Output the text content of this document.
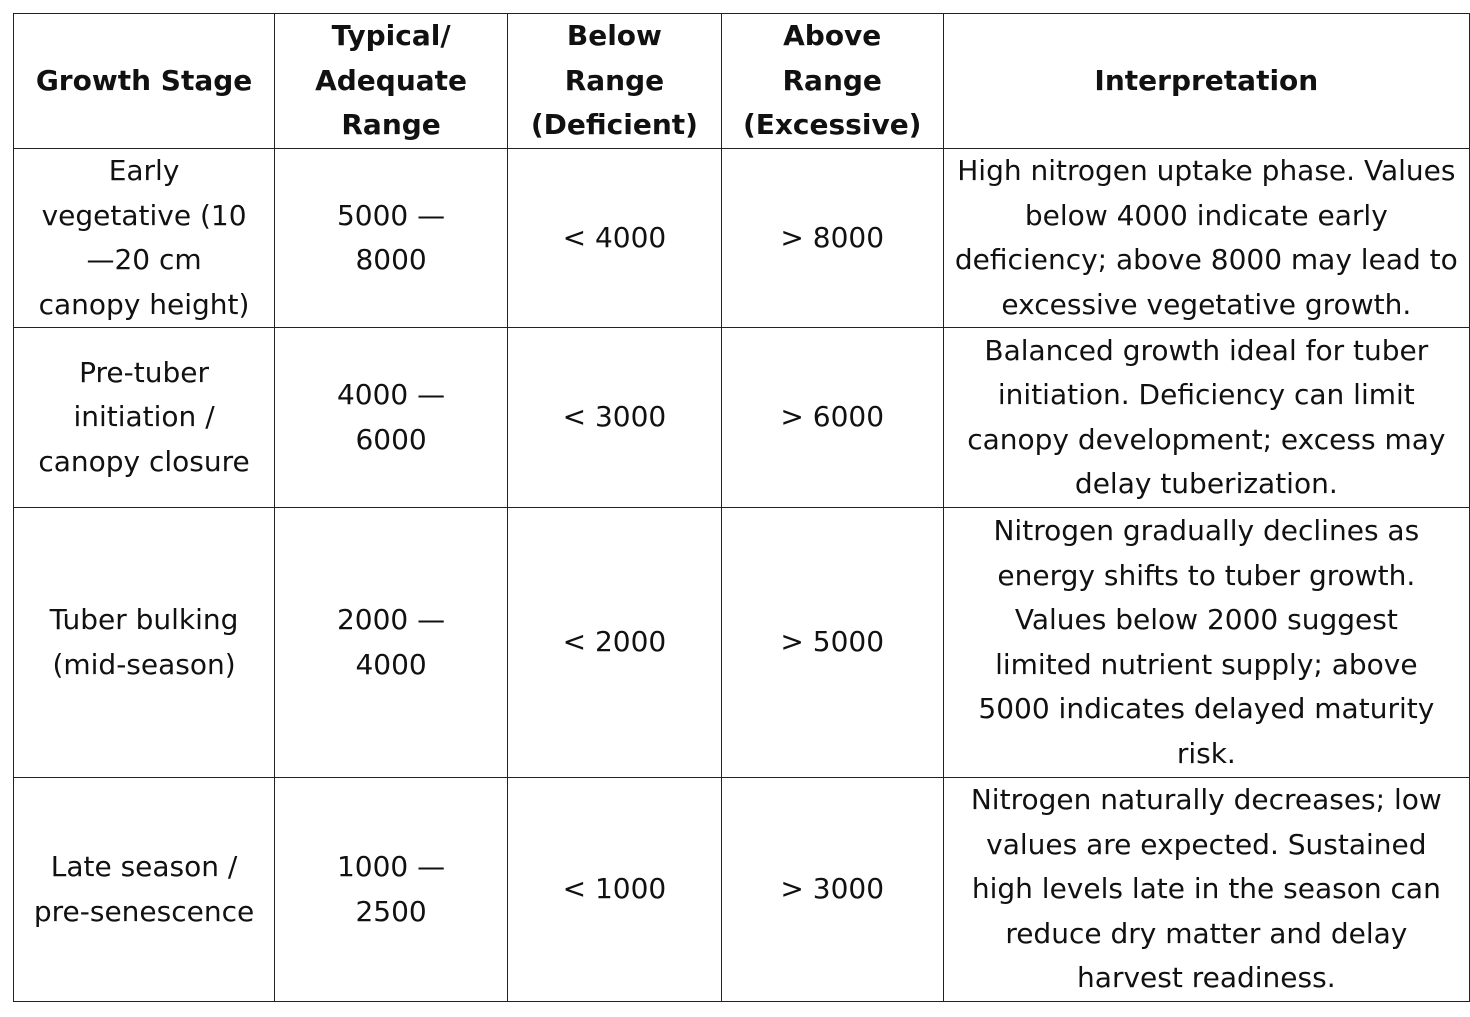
Growth Stage	Typical/ Adequate Range	Below Range (Deficient)	Above Range (Excessive)	Interpretation
Early vegetative (10—20 cm canopy height)	5000 — 8000	< 4000	> 8000	High nitrogen uptake phase. Values below 4000 indicate early deficiency; above 8000 may lead to excessive vegetative growth.
Pre-tuber initiation / canopy closure	4000 — 6000	< 3000	> 6000	Balanced growth ideal for tuber initiation. Deficiency can limit canopy development; excess may delay tuberization.
Tuber bulking (mid-season)	2000 — 4000	< 2000	> 5000	Nitrogen gradually declines as energy shifts to tuber growth. Values below 2000 suggest limited nutrient supply; above 5000 indicates delayed maturity risk.
Late season / pre-senescence	1000 — 2500	< 1000	> 3000	Nitrogen naturally decreases; low values are expected. Sustained high levels late in the season can reduce dry matter and delay harvest readiness.
